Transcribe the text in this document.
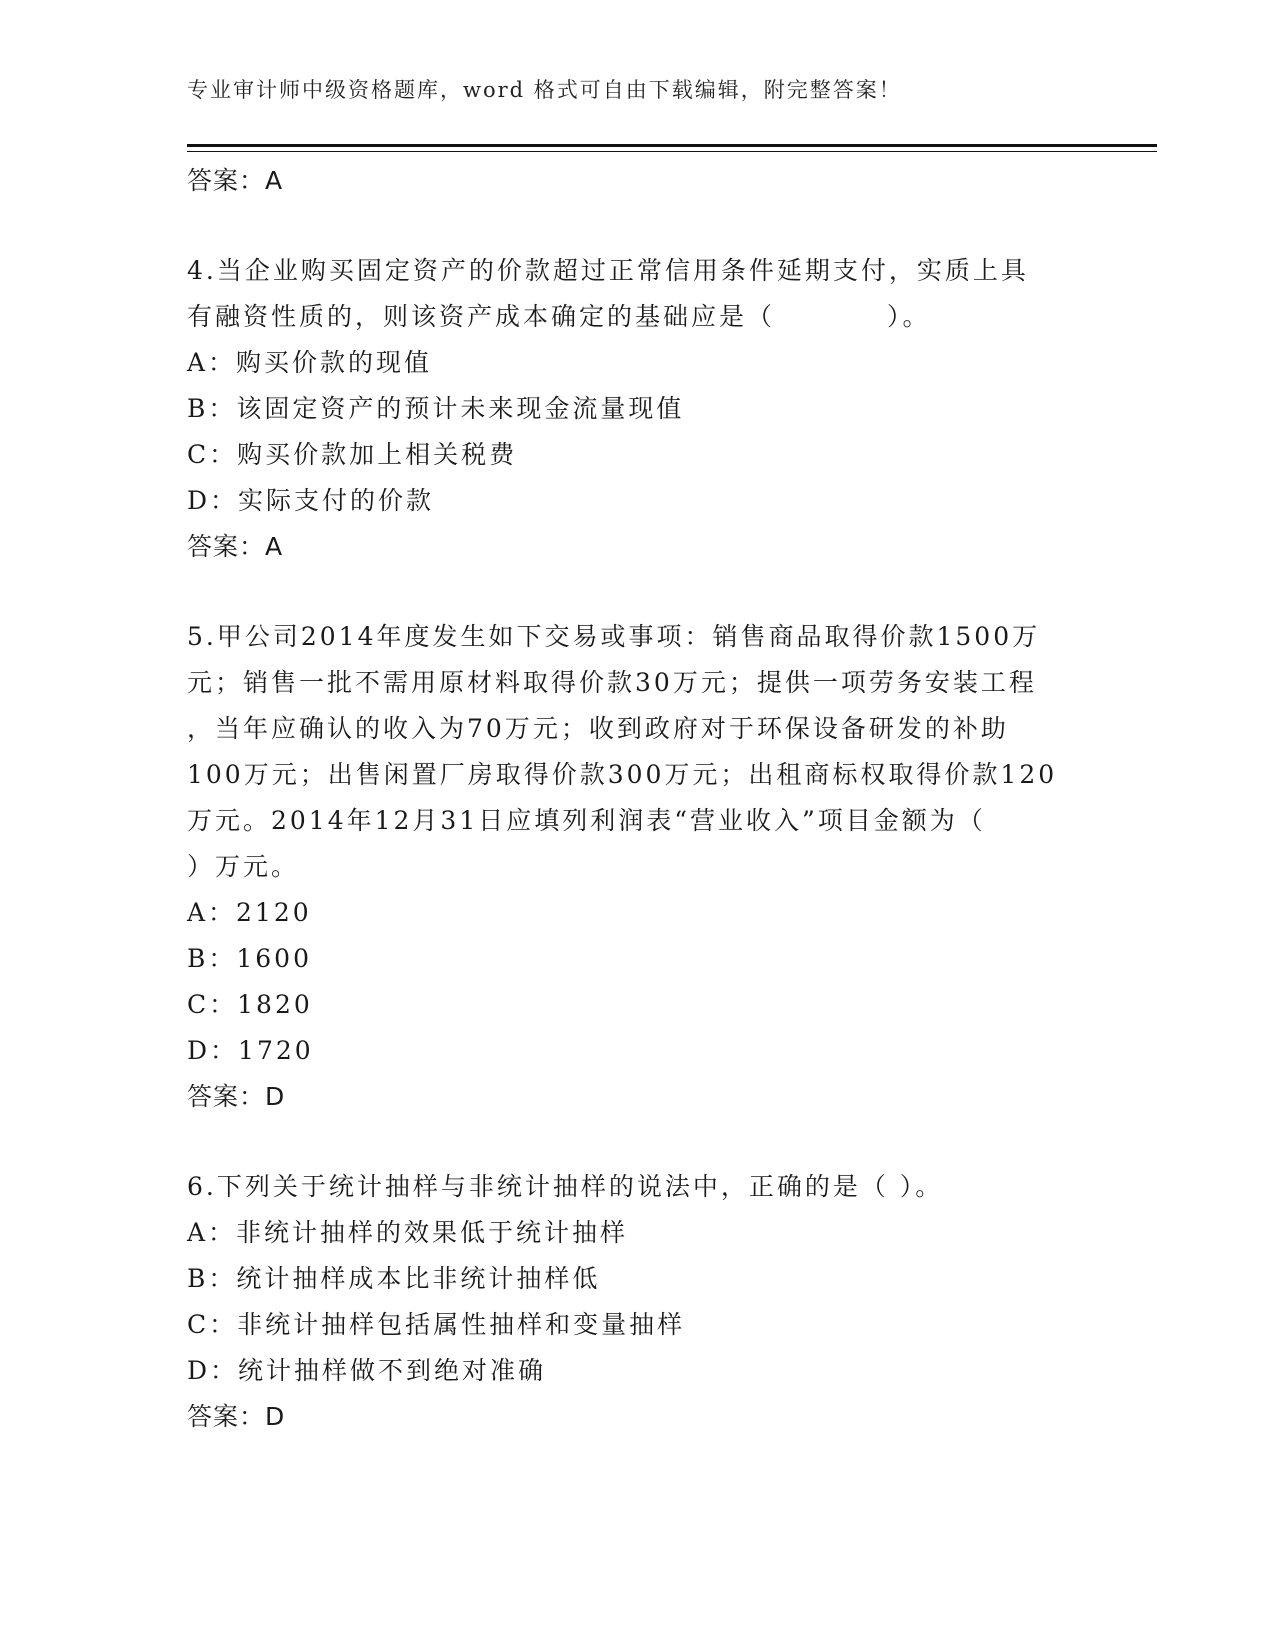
专业审计师中级资格题库，word 格式可自由下载编辑，附完整答案！
答案：A
4.当企业购买固定资产的价款超过正常信用条件延期支付，实质上具
有融资性质的，则该资产成本确定的基础应是（　　　　）。
A：购买价款的现值
B：该固定资产的预计未来现金流量现值
C：购买价款加上相关税费
D：实际支付的价款
答案：A
5.甲公司2014年度发生如下交易或事项：销售商品取得价款1500万
元；销售一批不需用原材料取得价款30万元；提供一项劳务安装工程
，当年应确认的收入为70万元；收到政府对于环保设备研发的补助
100万元；出售闲置厂房取得价款300万元；出租商标权取得价款120
万元。2014年12月31日应填列利润表“营业收入”项目金额为（
）万元。
A：2120
B：1600
C：1820
D：1720
答案：D
6.下列关于统计抽样与非统计抽样的说法中，正确的是（ ）。
A：非统计抽样的效果低于统计抽样
B：统计抽样成本比非统计抽样低
C：非统计抽样包括属性抽样和变量抽样
D：统计抽样做不到绝对准确
答案：D
